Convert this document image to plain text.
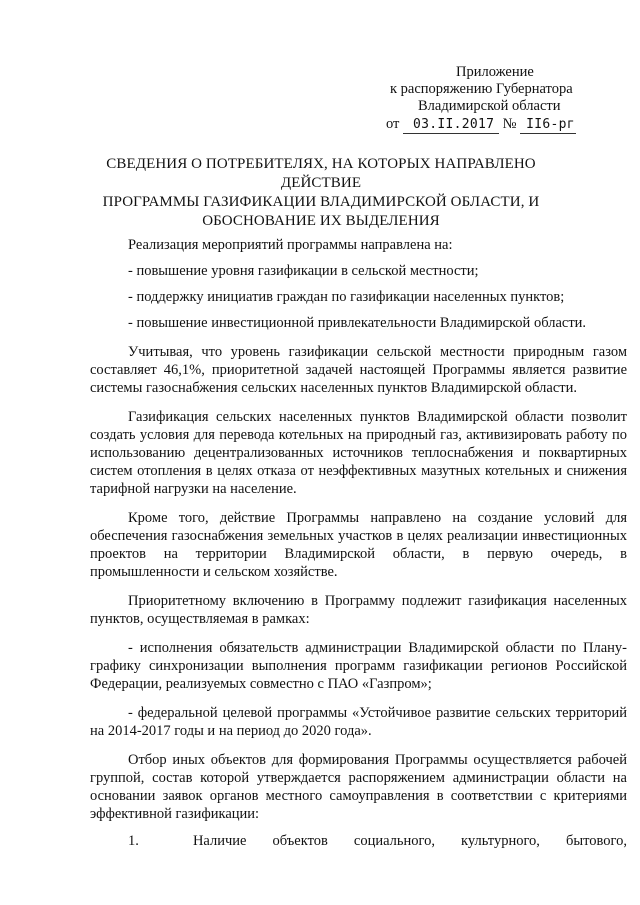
Приложение
к распоряжению Губернатора
Владимирской области
от 03.II.2017 № II6-рг
СВЕДЕНИЯ О ПОТРЕБИТЕЛЯХ, НА КОТОРЫХ НАПРАВЛЕНО ДЕЙСТВИЕ
ПРОГРАММЫ ГАЗИФИКАЦИИ ВЛАДИМИРСКОЙ ОБЛАСТИ, И
ОБОСНОВАНИЕ ИХ ВЫДЕЛЕНИЯ

Реализация мероприятий программы направлена на:

- повышение уровня газификации в сельской местности;

- поддержку инициатив граждан по газификации населенных пунктов;

- повышение инвестиционной привлекательности Владимирской области.

Учитывая, что уровень газификации сельской местности природным газом составляет 46,1%, приоритетной задачей настоящей Программы является развитие системы газоснабжения сельских населенных пунктов Владимирской области.

Газификация сельских населенных пунктов Владимирской области позволит создать условия для перевода котельных на природный газ, активизировать работу по использованию децентрализованных источников теплоснабжения и поквартирных систем отопления в целях отказа от неэффективных мазутных котельных и снижения тарифной нагрузки на население.

Кроме того, действие Программы направлено на создание условий для обеспечения газоснабжения земельных участков в целях реализации инвестиционных проектов на территории Владимирской области, в первую очередь, в промышленности и сельском хозяйстве.

Приоритетному включению в Программу подлежит газификация населенных пунктов, осуществляемая в рамках:

- исполнения обязательств администрации Владимирской области по Плану-графику синхронизации выполнения программ газификации регионов Российской Федерации, реализуемых совместно с ПАО «Газпром»;

- федеральной целевой программы «Устойчивое развитие сельских территорий на 2014-2017 годы и на период до 2020 года».

Отбор иных объектов для формирования Программы осуществляется рабочей группой, состав которой утверждается распоряжением администрации области на основании заявок органов местного самоуправления в соответствии с критериями эффективной газификации:

1.	Наличие объектов социального, культурного, бытового,
